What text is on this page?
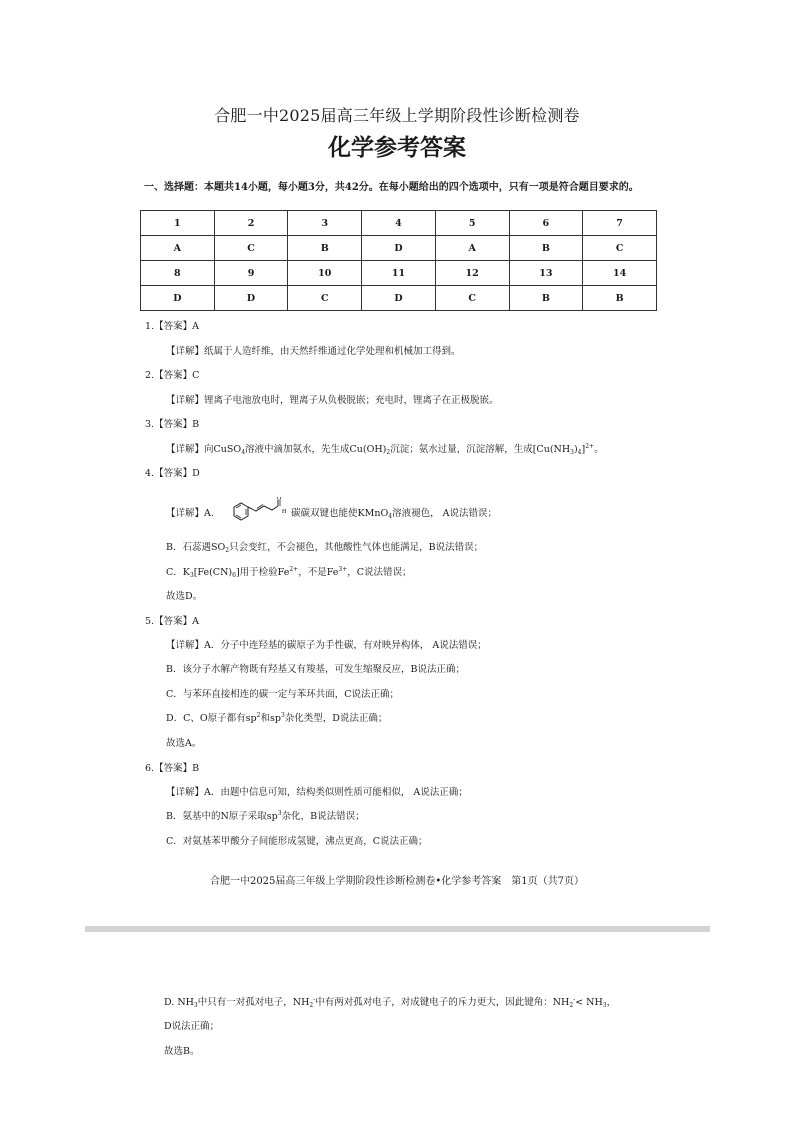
合肥一中2025届高三年级上学期阶段性诊断检测卷
化学参考答案
一、选择题：本题共14小题，每小题3分，共42分。在每小题给出的四个选项中，只有一项是符合题目要求的。
1	2	3	4	5	6	7
A	C	B	D	A	B	C
8	9	10	11	12	13	14
D	D	C	D	C	B	B
1.【答案】A
【详解】纸属于人造纤维，由天然纤维通过化学处理和机械加工得到。
2.【答案】C
【详解】锂离子电池放电时，锂离子从负极脱嵌；充电时，锂离子在正极脱嵌。
3.【答案】B
【详解】向CuSO$_4$溶液中滴加氨水，先生成$Cu(OH)_2$沉淀；氨水过量，沉淀溶解，生成$[Cu(NH_3)_4]^{2+}$。
4.【答案】D
【详解】A.
O
H 碳碳双键也能使KMnO$_4$溶液褪色， A说法错误；
B．石蕊遇$SO_2$只会变红，不会褪色，其他酸性气体也能满足，B说法错误；
C．$K_3[Fe(CN)_6]$用于检验$Fe^{2+}$，不是$Fe^{3+}$，C说法错误；
故选D。
5.【答案】A
【详解】A．分子中连羟基的碳原子为手性碳，有对映异构体， A说法错误；
B．该分子水解产物既有羟基又有羧基，可发生缩聚反应，B说法正确；
C．与苯环直接相连的碳一定与苯环共面，C说法正确；
D．C、O原子都有$sp^2$和$sp^3$杂化类型，D说法正确；
故选A。
6.【答案】B
【详解】A．由题中信息可知，结构类似则性质可能相似， A说法正确；
B．氨基中的N原子采取$sp^3$杂化，B说法错误；
C．对氨基苯甲酸分子间能形成氢键，沸点更高，C说法正确；
合肥一中2025届高三年级上学期阶段性诊断检测卷•化学参考答案　第1页（共7页）
D. $NH_3$中只有一对孤对电子，$NH_2^-$中有两对孤对电子，对成键电子的斥力更大，因此键角：$NH_2^-< NH_3$，
D说法正确；
故选B。
